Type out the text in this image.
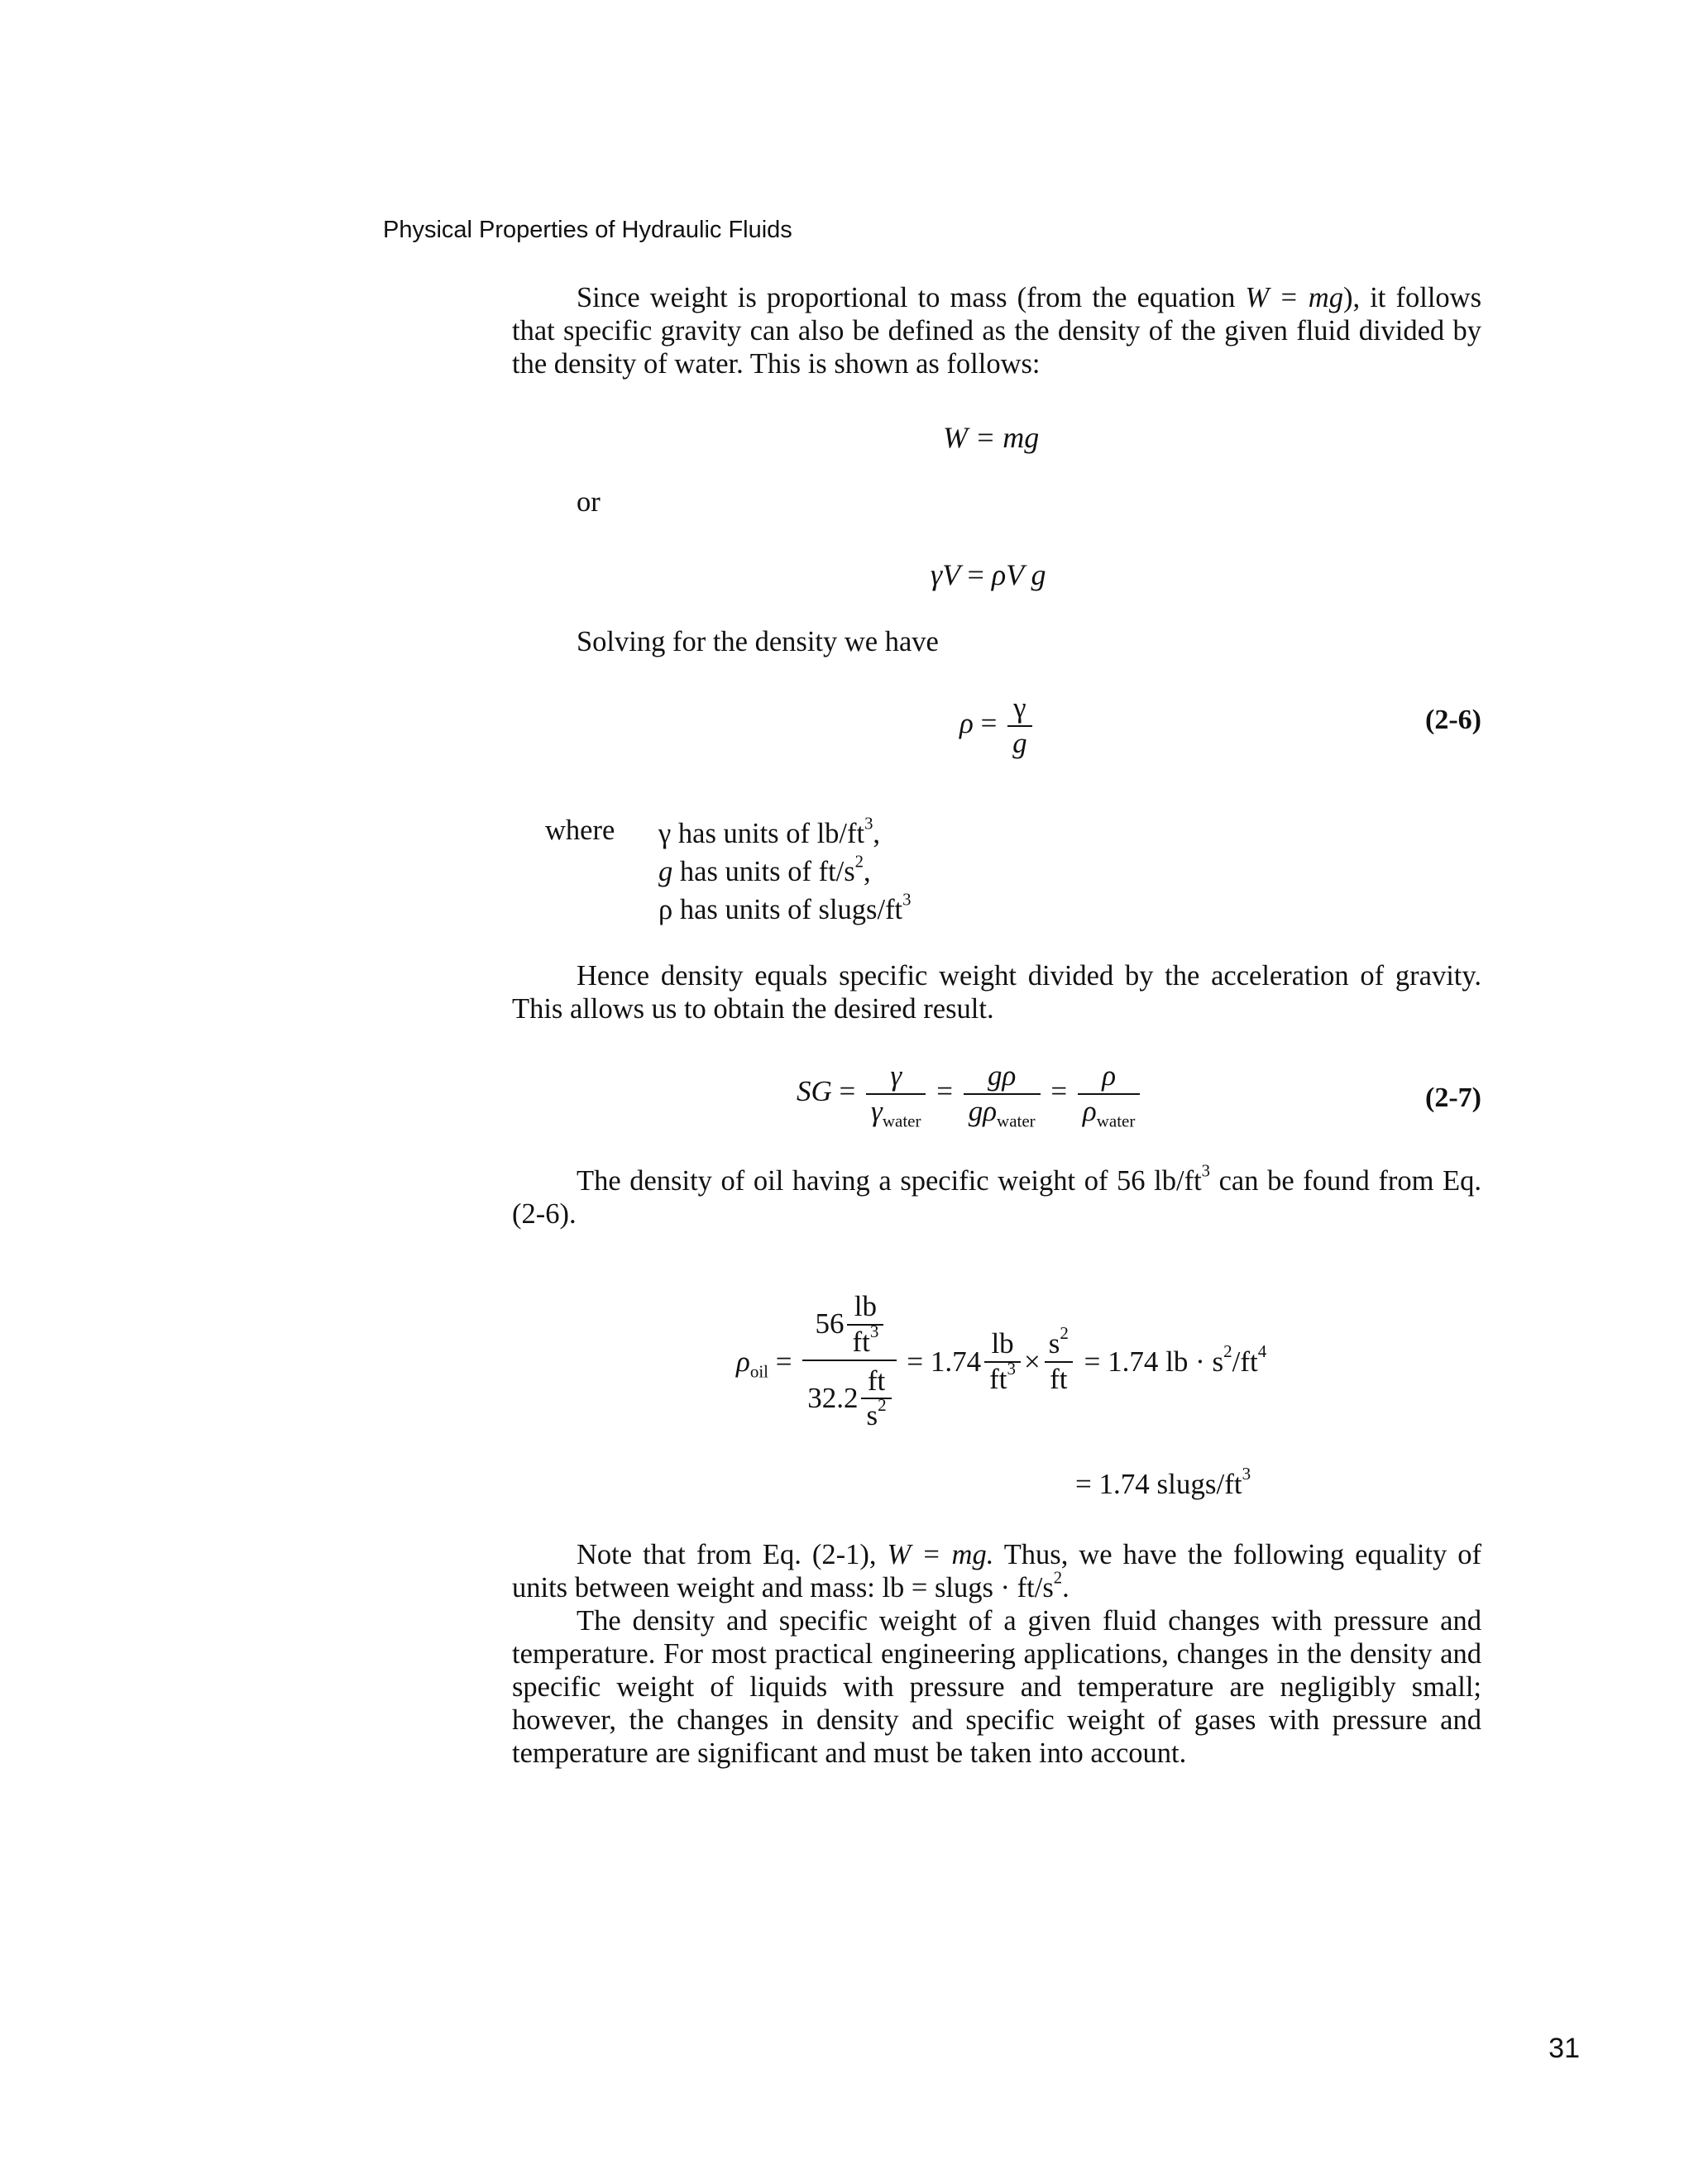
Physical Properties of Hydraulic Fluids
Since weight is proportional to mass (from the equation W = mg), it follows that specific gravity can also be defined as the density of the given fluid divided by the density of water. This is shown as follows:
W = mg
or
γV = ρV g
Solving for the density we have
$\rho = \frac{\gamma}{g}$	(2-6)
where γ has units of $lb/ft^3$,
g has units of $ft/s^2$,
ρ has units of slugs/$ft^3$
Hence density equals specific weight divided by the acceleration of gravity. This allows us to obtain the desired result.
SG = $\frac{\gamma}{\gamma_{water}} = \frac{g\rho}{g\rho_{water}} = \frac{\rho}{\rho_{water}}$	(2-7)
The density of oil having a specific weight of 56 $lb/ft^3$ can be found from Eq. (2-6).
$\rho_{oil} = \frac{56 \frac{lb}{ft^3}}{32.2 \frac{ft}{s^2}} = 1.74 \frac{lb}{ft^3} \times \frac{s^2}{ft} = 1.74$ lb · $s^2/ft^4$
= 1.74 slugs/$ft^3$
Note that from Eq. (2-1), W = mg. Thus, we have the following equality of units between weight and mass: lb = slugs · $ft/s^2$.
The density and specific weight of a given fluid changes with pressure and temperature. For most practical engineering applications, changes in the density and specific weight of liquids with pressure and temperature are negligibly small; however, the changes in density and specific weight of gases with pressure and temperature are significant and must be taken into account.
31
